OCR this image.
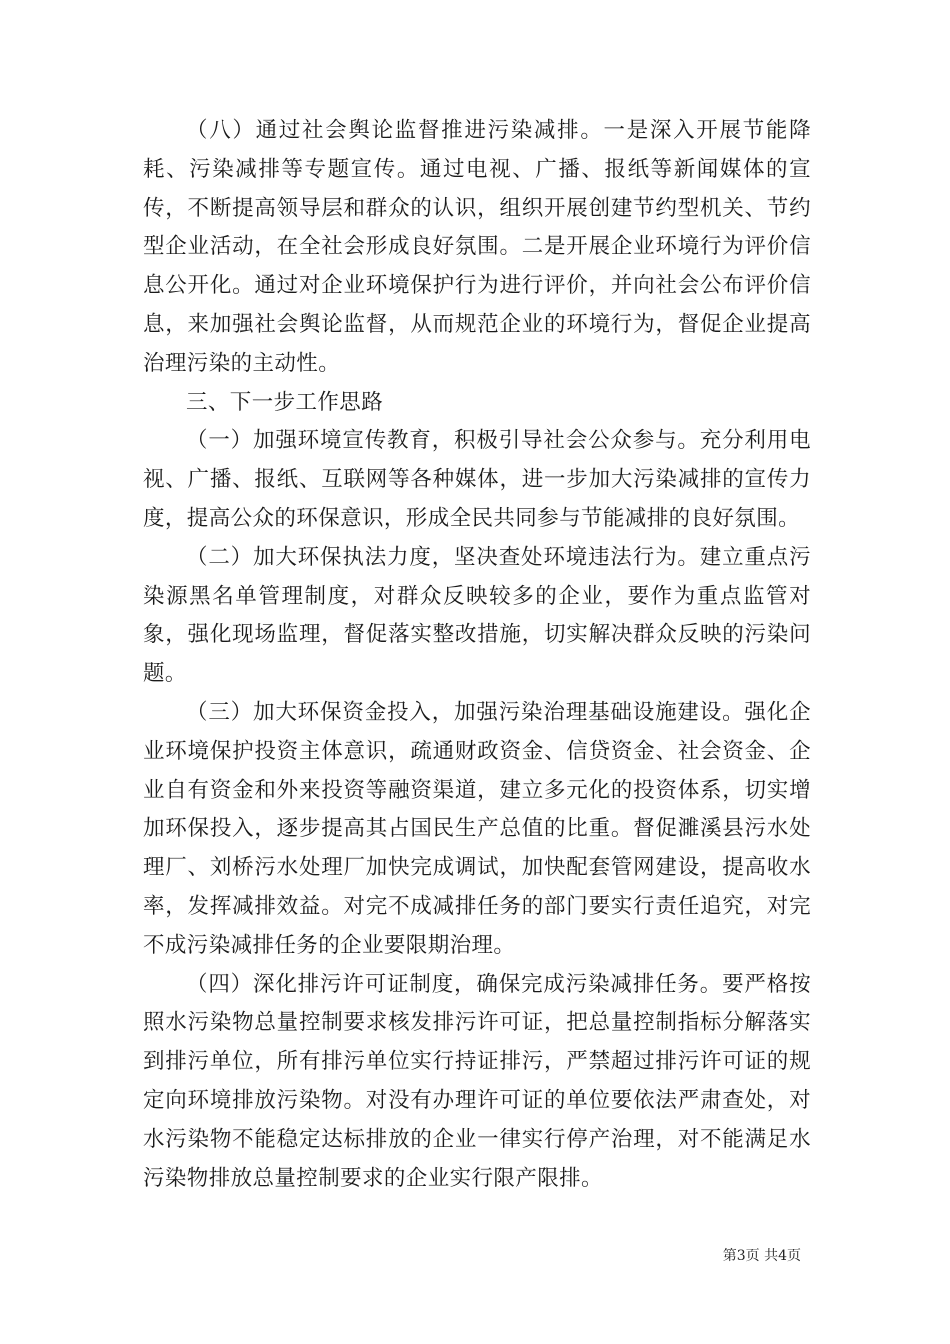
（八）通过社会舆论监督推进污染减排。一是深入开展节能降耗、污染减排等专题宣传。通过电视、广播、报纸等新闻媒体的宣传，不断提高领导层和群众的认识，组织开展创建节约型机关、节约型企业活动，在全社会形成良好氛围。二是开展企业环境行为评价信息公开化。通过对企业环境保护行为进行评价，并向社会公布评价信息，来加强社会舆论监督，从而规范企业的环境行为，督促企业提高治理污染的主动性。

三、下一步工作思路

（一）加强环境宣传教育，积极引导社会公众参与。充分利用电视、广播、报纸、互联网等各种媒体，进一步加大污染减排的宣传力度，提高公众的环保意识，形成全民共同参与节能减排的良好氛围。

（二）加大环保执法力度，坚决查处环境违法行为。建立重点污染源黑名单管理制度，对群众反映较多的企业，要作为重点监管对象，强化现场监理，督促落实整改措施，切实解决群众反映的污染问题。

（三）加大环保资金投入，加强污染治理基础设施建设。强化企业环境保护投资主体意识，疏通财政资金、信贷资金、社会资金、企业自有资金和外来投资等融资渠道，建立多元化的投资体系，切实增加环保投入，逐步提高其占国民生产总值的比重。督促濉溪县污水处理厂、刘桥污水处理厂加快完成调试，加快配套管网建设，提高收水率，发挥减排效益。对完不成减排任务的部门要实行责任追究，对完不成污染减排任务的企业要限期治理。

（四）深化排污许可证制度，确保完成污染减排任务。要严格按照水污染物总量控制要求核发排污许可证，把总量控制指标分解落实到排污单位，所有排污单位实行持证排污，严禁超过排污许可证的规定向环境排放污染物。对没有办理许可证的单位要依法严肃查处，对水污染物不能稳定达标排放的企业一律实行停产治理，对不能满足水污染物排放总量控制要求的企业实行限产限排。

第3页 共4页
